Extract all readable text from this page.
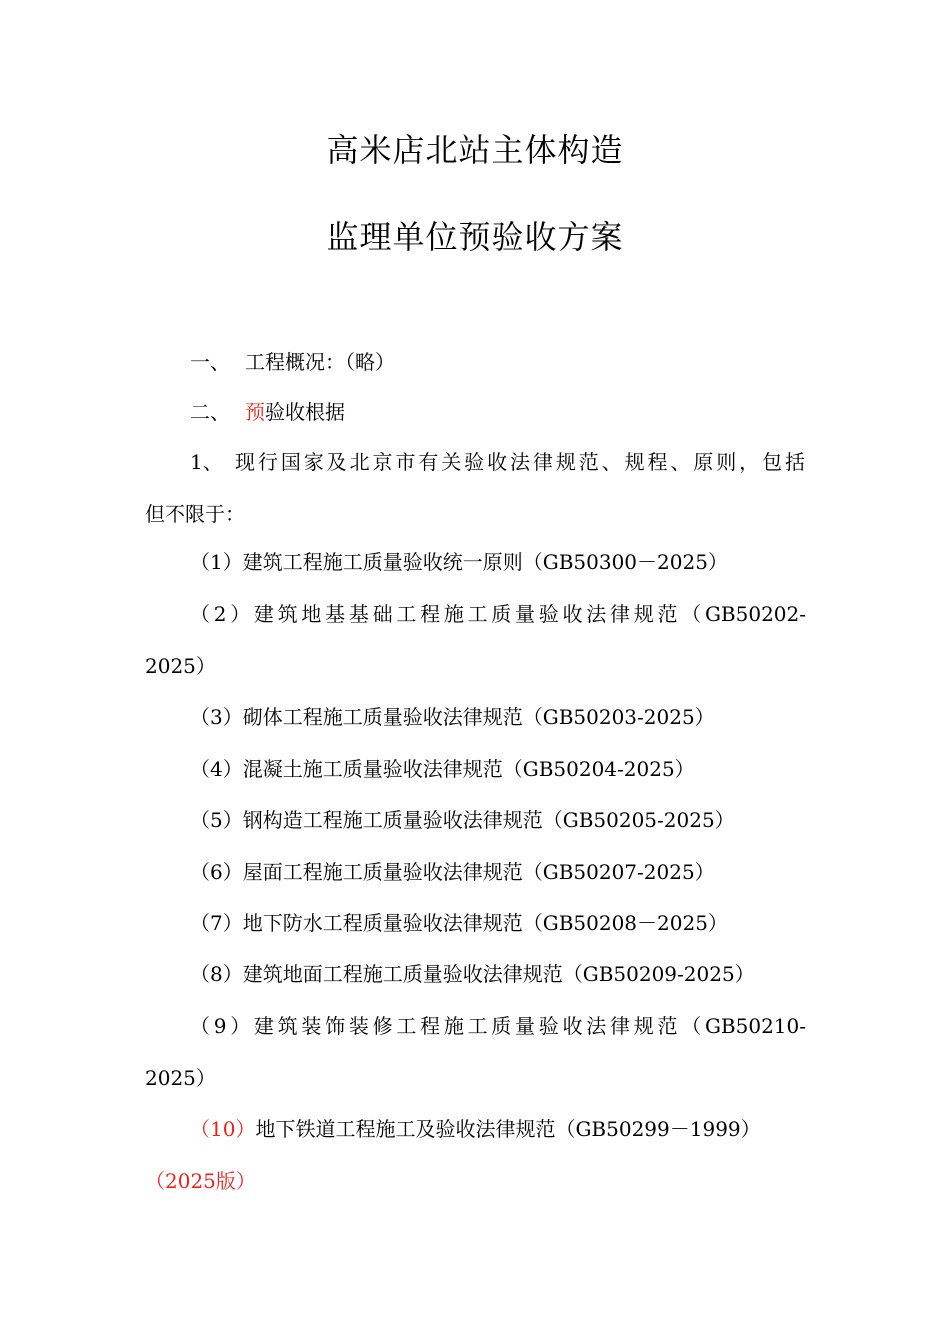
高米店北站主体构造
监理单位预验收方案
一、 工程概况：（略）
二、 预验收根据
1、 现行国家及北京市有关验收法律规范、规程、原则，包括
但不限于：
（1）建筑工程施工质量验收统一原则（GB50300－2025）
（2）建筑地基基础工程施工质量验收法律规范（GB50202-
2025）
（3）砌体工程施工质量验收法律规范（GB50203-2025）
（4）混凝土施工质量验收法律规范（GB50204-2025）
（5）钢构造工程施工质量验收法律规范（GB50205-2025）
（6）屋面工程施工质量验收法律规范（GB50207-2025）
（7）地下防水工程质量验收法律规范（GB50208－2025）
（8）建筑地面工程施工质量验收法律规范（GB50209-2025）
（9）建筑装饰装修工程施工质量验收法律规范（GB50210-
2025）
（10）地下铁道工程施工及验收法律规范（GB50299－1999）
（2025版）
